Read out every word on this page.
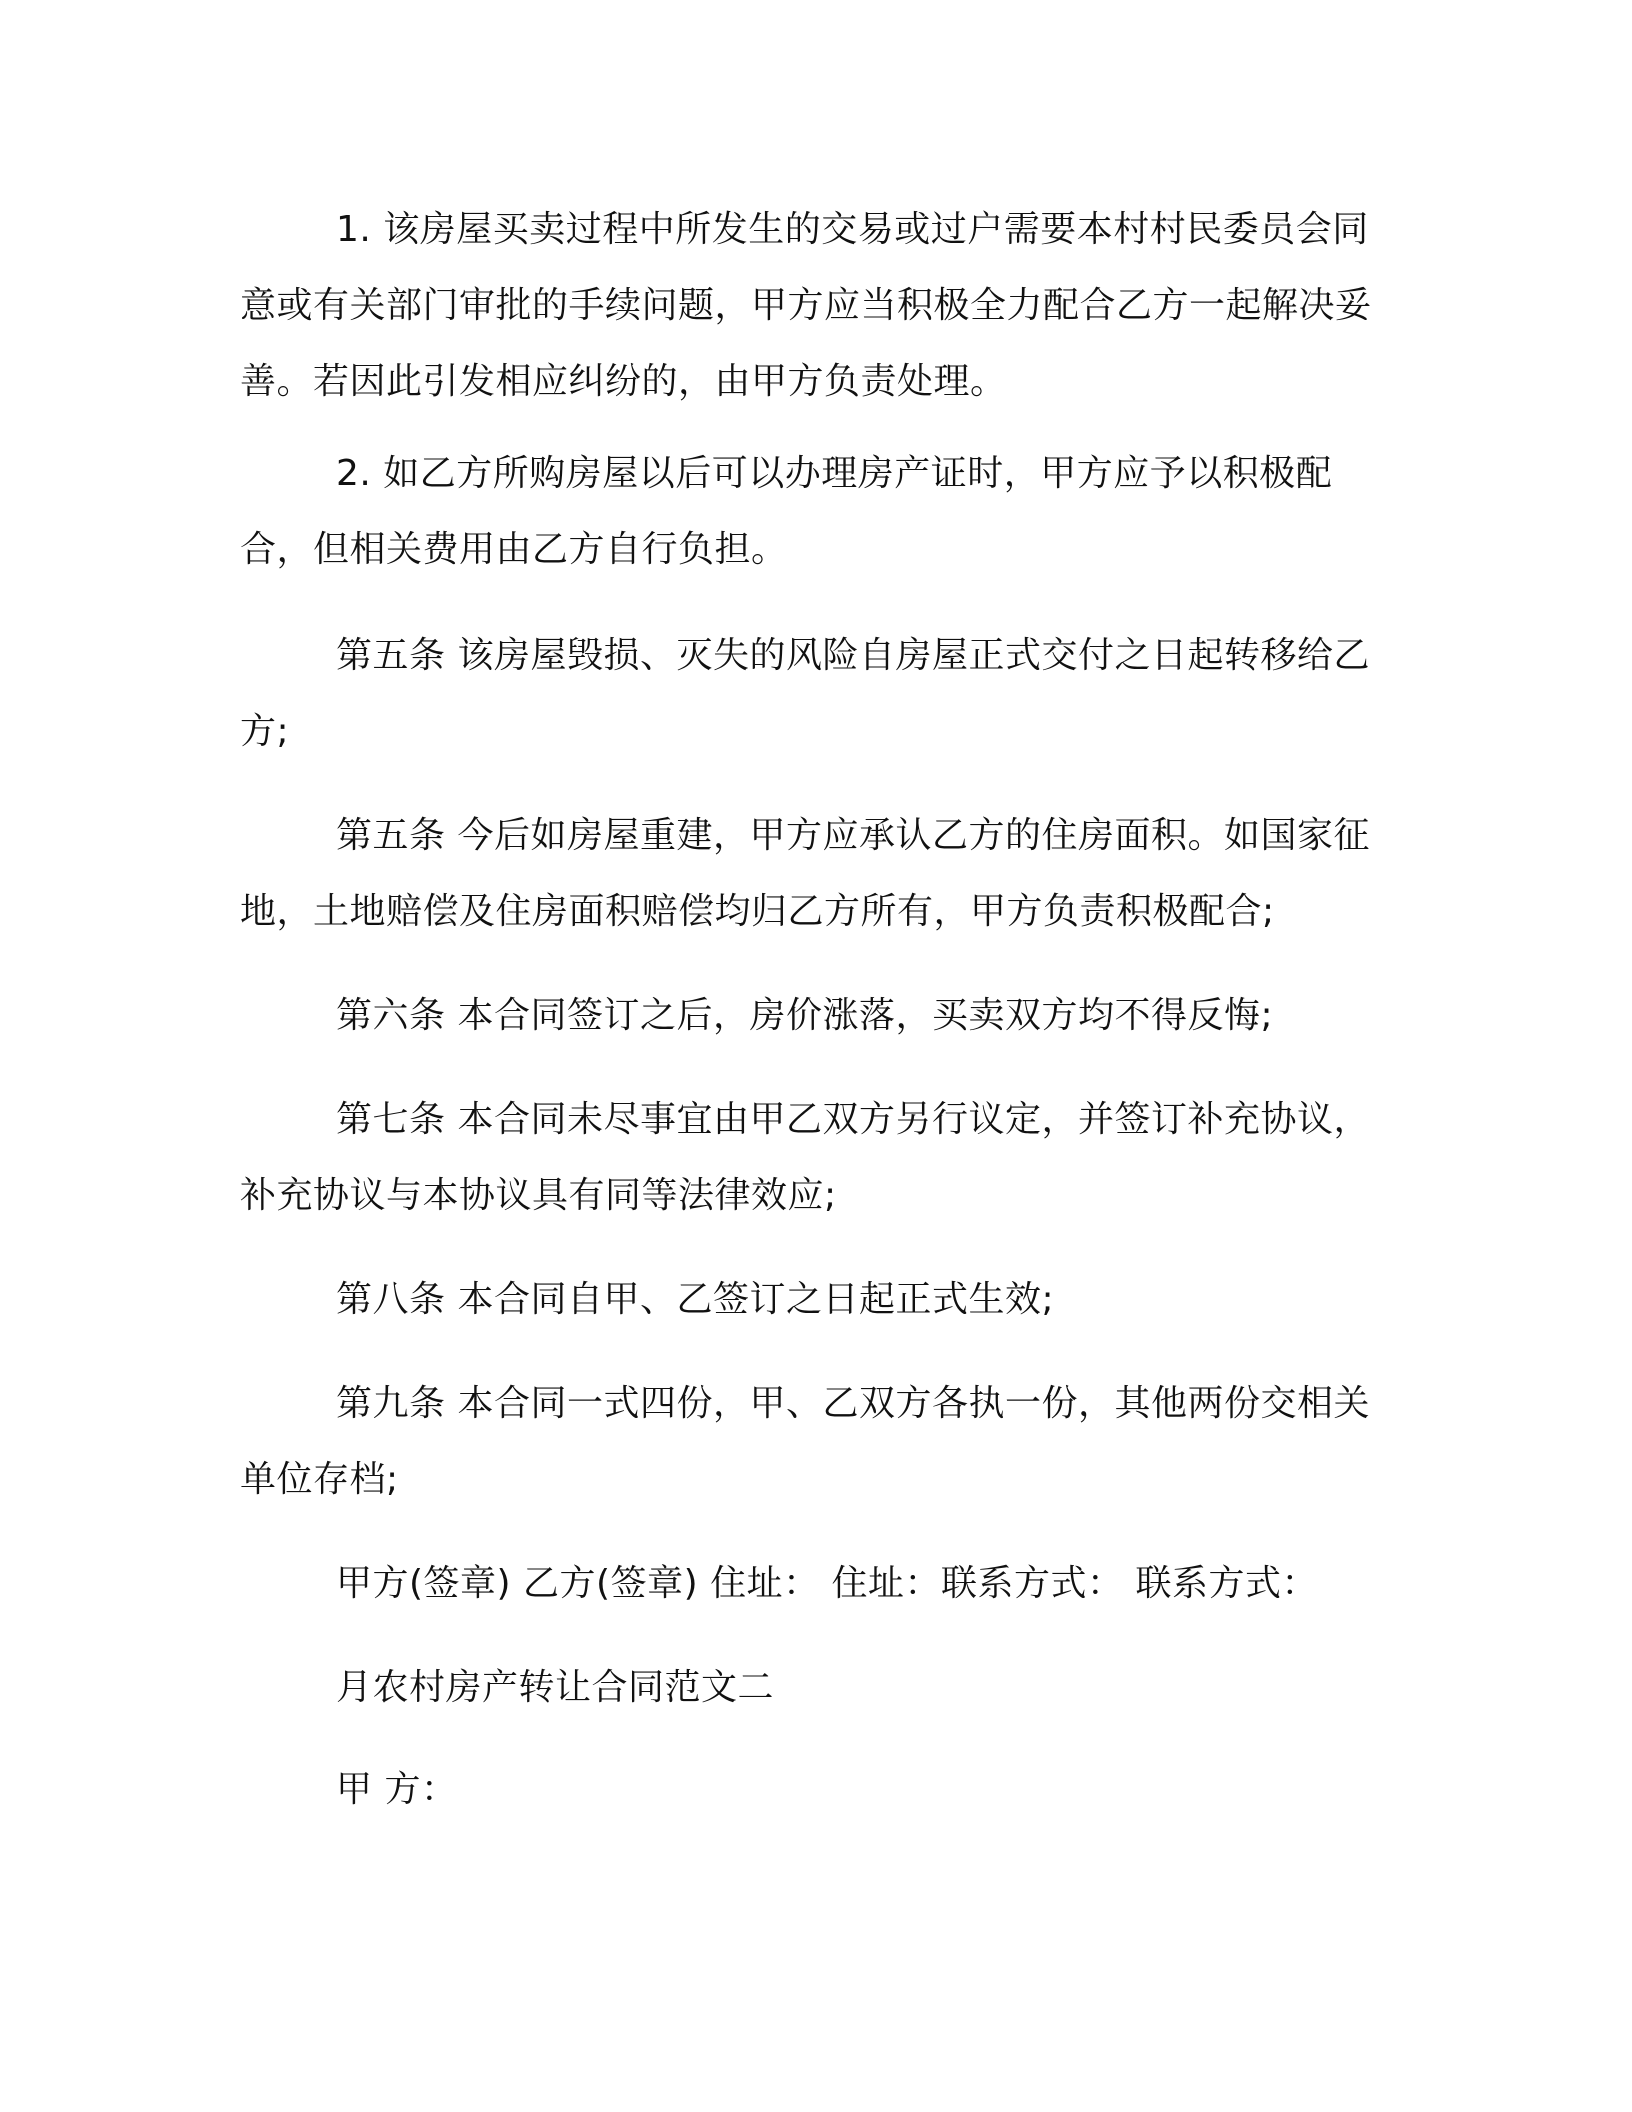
1. 该房屋买卖过程中所发生的交易或过户需要本村村民委员会同意或有关部门审批的手续问题，甲方应当积极全力配合乙方一起解决妥善。若因此引发相应纠纷的，由甲方负责处理。

2. 如乙方所购房屋以后可以办理房产证时，甲方应予以积极配合，但相关费用由乙方自行负担。

第五条 该房屋毁损、灭失的风险自房屋正式交付之日起转移给乙方;

第五条 今后如房屋重建，甲方应承认乙方的住房面积。如国家征地，土地赔偿及住房面积赔偿均归乙方所有，甲方负责积极配合;

第六条 本合同签订之后，房价涨落，买卖双方均不得反悔;

第七条 本合同未尽事宜由甲乙双方另行议定，并签订补充协议，补充协议与本协议具有同等法律效应;

第八条 本合同自甲、乙签订之日起正式生效;

第九条 本合同一式四份，甲、乙双方各执一份，其他两份交相关单位存档;

甲方(签章) 乙方(签章) 住址： 住址：联系方式： 联系方式：

月农村房产转让合同范文二

甲 方：
